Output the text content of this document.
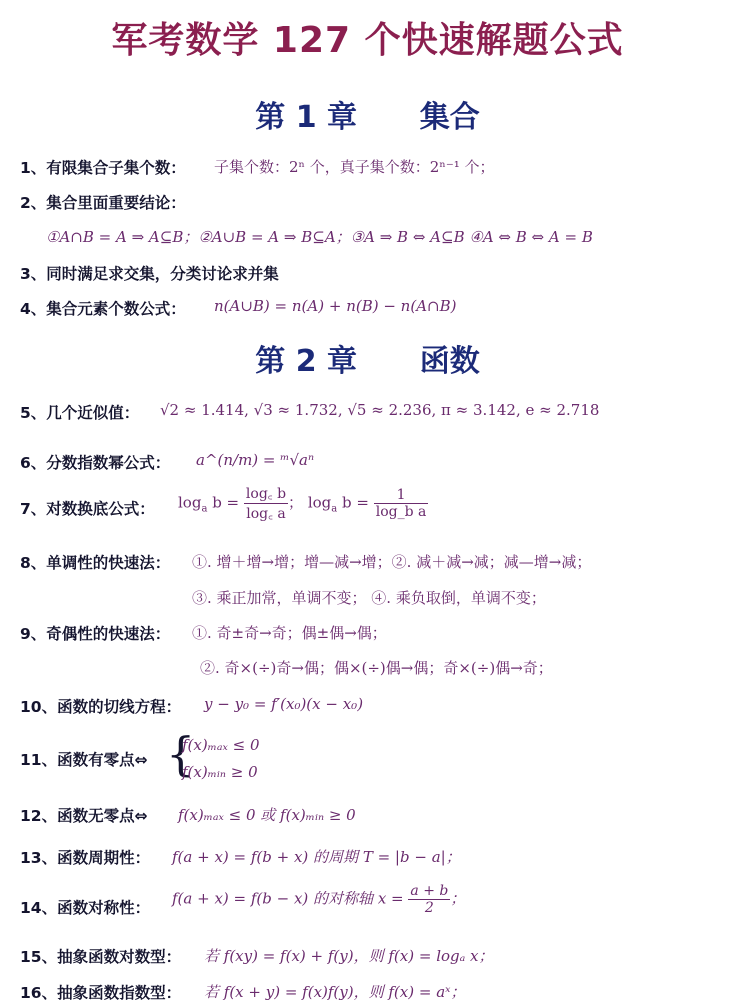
军考数学 127 个快速解题公式
第 1 章      集合
1、有限集合子集个数： 子集个数：2ⁿ 个，真子集个数：2ⁿ⁻¹ 个；
2、集合里面重要结论：
①A∩B = A ⇒ A⊆B；②A∪B = A ⇒ B⊆A；③A ⇒ B ⇔ A⊆B ④A ⇔ B ⇔ A = B
3、同时满足求交集，分类讨论求并集
4、集合元素个数公式： n(A∪B) = n(A) + n(B) − n(A∩B)
第 2 章      函数
5、几个近似值： √2 ≈ 1.414, √3 ≈ 1.732, √5 ≈ 2.236, π ≈ 3.142, e ≈ 2.718
6、分数指数幂公式： a^(n/m) = ᵐ√aⁿ
7、对数换底公式： $\log_a b = \frac{\log꜀ b}{\log꜀ a}$ ； $\log_a b = \frac{1}{\text{log\_b a}}$
8、单调性的快速法： ①. 增＋增→增；增—减→增；②. 减＋减→减；减—增→减；
③. 乘正加常，单调不变； ④. 乘负取倒，单调不变；
9、奇偶性的快速法： ①. 奇±奇→奇；偶±偶→偶；
②. 奇×(÷)奇→偶；偶×(÷)偶→偶；奇×(÷)偶→奇；
10、函数的切线方程： y − y₀ = f′(x₀)(x − x₀)
11、函数有零点⇔ {
f(x)ₘₐₓ ≤ 0
f(x)ₘᵢₙ ≥ 0
12、函数无零点⇔ f(x)ₘₐₓ ≤ 0 或 f(x)ₘᵢₙ ≥ 0
13、函数周期性： f(a + x) = f(b + x) 的周期 T = |b − a|；
14、函数对称性：
f(a + x) = f(b − x) 的对称轴 $x = \frac{a + b}{2}$ ；
15、抽象函数对数型： 若 f(xy) = f(x) + f(y)，则 f(x) = logₐ x；
16、抽象函数指数型： 若 f(x + y) = f(x)f(y)，则 f(x) = aˣ；
